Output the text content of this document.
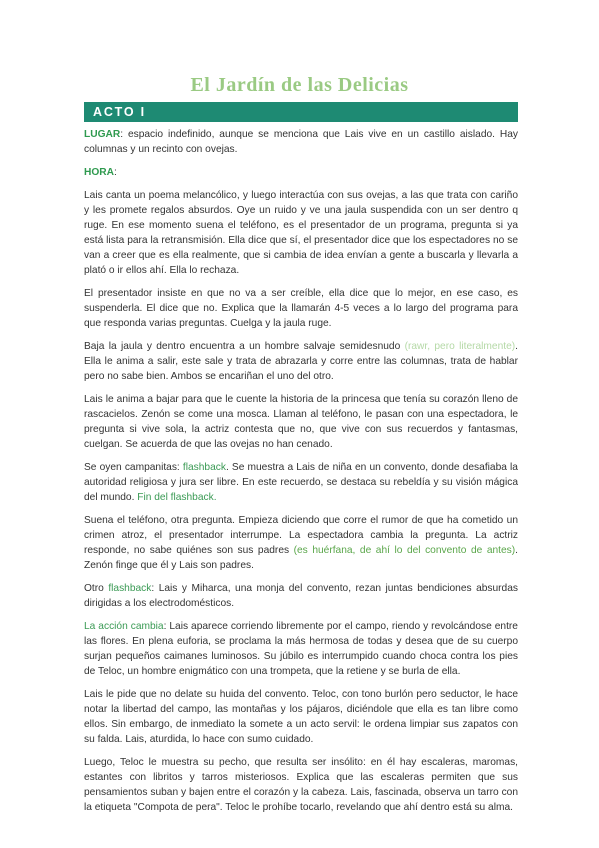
El Jardín de las Delicias
ACTO I

LUGAR: espacio indefinido, aunque se menciona que Lais vive en un castillo aislado. Hay columnas y un recinto con ovejas.

HORA:

Lais canta un poema melancólico, y luego interactúa con sus ovejas, a las que trata con cariño y les promete regalos absurdos. Oye un ruido y ve una jaula suspendida con un ser dentro q ruge. En ese momento suena el teléfono, es el presentador de un programa, pregunta si ya está lista para la retransmisión. Ella dice que sí, el presentador dice que los espectadores no se van a creer que es ella realmente, que si cambia de idea envían a gente a buscarla y llevarla a plató o ir ellos ahí. Ella lo rechaza.

El presentador insiste en que no va a ser creíble, ella dice que lo mejor, en ese caso, es suspenderla. El dice que no. Explica que la llamarán 4-5 veces a lo largo del programa para que responda varias preguntas. Cuelga y la jaula ruge.

Baja la jaula y dentro encuentra a un hombre salvaje semidesnudo (rawr, pero literalmente). Ella le anima a salir, este sale y trata de abrazarla y corre entre las columnas, trata de hablar pero no sabe bien. Ambos se encariñan el uno del otro.

Lais le anima a bajar para que le cuente la historia de la princesa que tenía su corazón lleno de rascacielos. Zenón se come una mosca. Llaman al teléfono, le pasan con una espectadora, le pregunta si vive sola, la actriz contesta que no, que vive con sus recuerdos y fantasmas, cuelgan. Se acuerda de que las ovejas no han cenado.

Se oyen campanitas: flashback. Se muestra a Lais de niña en un convento, donde desafiaba la autoridad religiosa y jura ser libre. En este recuerdo, se destaca su rebeldía y su visión mágica del mundo. Fin del flashback.

Suena el teléfono, otra pregunta. Empieza diciendo que corre el rumor de que ha cometido un crimen atroz, el presentador interrumpe. La espectadora cambia la pregunta. La actriz responde, no sabe quiénes son sus padres (es huérfana, de ahí lo del convento de antes). Zenón finge que él y Lais son padres.

Otro flashback: Lais y Miharca, una monja del convento, rezan juntas bendiciones absurdas dirigidas a los electrodomésticos.

La acción cambia: Lais aparece corriendo libremente por el campo, riendo y revolcándose entre las flores. En plena euforia, se proclama la más hermosa de todas y desea que de su cuerpo surjan pequeños caimanes luminosos. Su júbilo es interrumpido cuando choca contra los pies de Teloc, un hombre enigmático con una trompeta, que la retiene y se burla de ella.

Lais le pide que no delate su huida del convento. Teloc, con tono burlón pero seductor, le hace notar la libertad del campo, las montañas y los pájaros, diciéndole que ella es tan libre como ellos. Sin embargo, de inmediato la somete a un acto servil: le ordena limpiar sus zapatos con su falda. Lais, aturdida, lo hace con sumo cuidado.

Luego, Teloc le muestra su pecho, que resulta ser insólito: en él hay escaleras, maromas, estantes con libritos y tarros misteriosos. Explica que las escaleras permiten que sus pensamientos suban y bajen entre el corazón y la cabeza. Lais, fascinada, observa un tarro con la etiqueta "Compota de pera". Teloc le prohíbe tocarlo, revelando que ahí dentro está su alma.
